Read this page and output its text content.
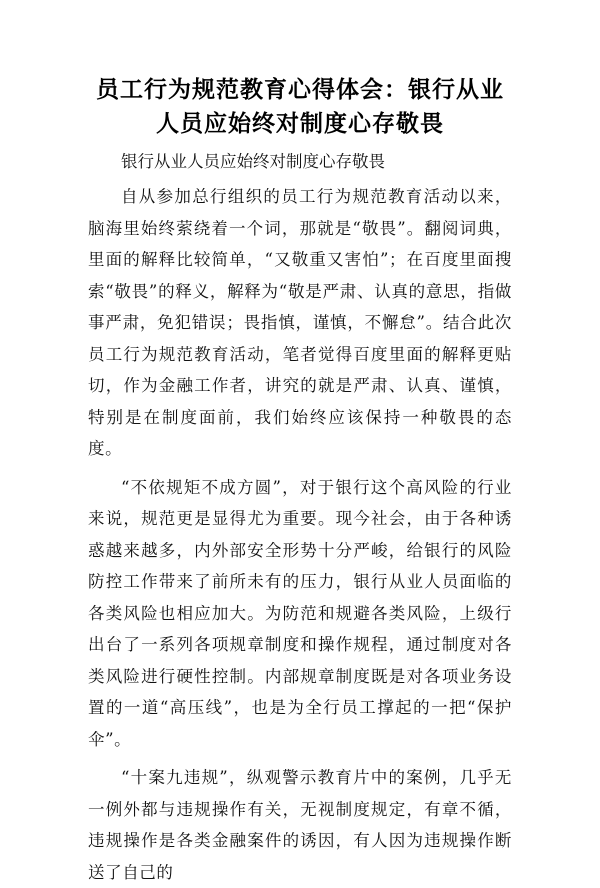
员工行为规范教育心得体会：银行从业人员应始终对制度心存敬畏

银行从业人员应始终对制度心存敬畏

自从参加总行组织的员工行为规范教育活动以来，脑海里始终萦绕着一个词，那就是“敬畏”。翻阅词典，里面的解释比较简单，“又敬重又害怕”；在百度里面搜索“敬畏”的释义，解释为“敬是严肃、认真的意思，指做事严肃，免犯错误；畏指慎，谨慎，不懈怠”。结合此次员工行为规范教育活动，笔者觉得百度里面的解释更贴切，作为金融工作者，讲究的就是严肃、认真、谨慎，特别是在制度面前，我们始终应该保持一种敬畏的态度。

“不依规矩不成方圆”，对于银行这个高风险的行业来说，规范更是显得尤为重要。现今社会，由于各种诱惑越来越多，内外部安全形势十分严峻，给银行的风险防控工作带来了前所未有的压力，银行从业人员面临的各类风险也相应加大。为防范和规避各类风险，上级行出台了一系列各项规章制度和操作规程，通过制度对各类风险进行硬性控制。内部规章制度既是对各项业务设置的一道“高压线”，也是为全行员工撑起的一把“保护伞”。

“十案九违规”，纵观警示教育片中的案例，几乎无一例外都与违规操作有关，无视制度规定，有章不循，违规操作是各类金融案件的诱因，有人因为违规操作断送了自己的
